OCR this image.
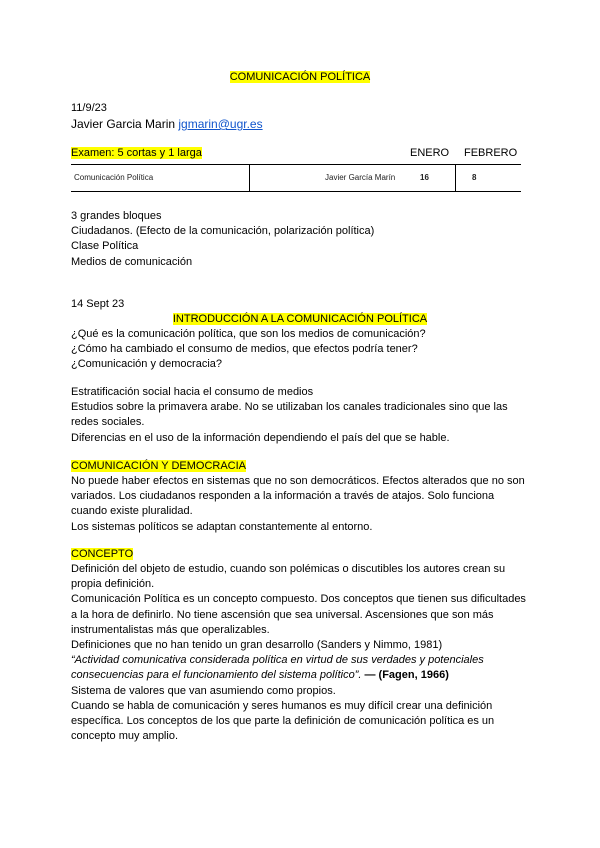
COMUNICACIÓN POLÍTICA
11/9/23
Javier Garcia Marin jgmarin@ugr.es
Examen: 5 cortas y 1 larga	ENERO FEBRERO
Comunicación Política	Javier García Marín	16	8
3 grandes bloques
Ciudadanos. (Efecto de la comunicación, polarización política)
Clase Política
Medios de comunicación
14 Sept 23
INTRODUCCIÓN A LA COMUNICACIÓN POLÍTICA
¿Qué es la comunicación política, que son los medios de comunicación?
¿Cómo ha cambiado el consumo de medios, que efectos podría tener?
¿Comunicación y democracia?
Estratificación social hacia el consumo de medios
Estudios sobre la primavera arabe. No se utilizaban los canales tradicionales sino que las redes sociales.
Diferencias en el uso de la información dependiendo el país del que se hable.
COMUNICACIÓN Y DEMOCRACIA
No puede haber efectos en sistemas que no son democráticos. Efectos alterados que no son variados. Los ciudadanos responden a la información a través de atajos. Solo funciona cuando existe pluralidad.
Los sistemas políticos se adaptan constantemente al entorno.
CONCEPTO
Definición del objeto de estudio, cuando son polémicas o discutibles los autores crean su propia definición.
Comunicación Política es un concepto compuesto. Dos conceptos que tienen sus dificultades a la hora de definirlo. No tiene ascensión que sea universal. Ascensiones que son más instrumentalistas más que operalizables.
Definiciones que no han tenido un gran desarrollo (Sanders y Nimmo, 1981)
“Actividad comunicativa considerada política en virtud de sus verdades y potenciales consecuencias para el funcionamiento del sistema político”. — (Fagen, 1966)
Sistema de valores que van asumiendo como propios.
Cuando se habla de comunicación y seres humanos es muy difícil crear una definición específica. Los conceptos de los que parte la definición de comunicación política es un concepto muy amplio.
